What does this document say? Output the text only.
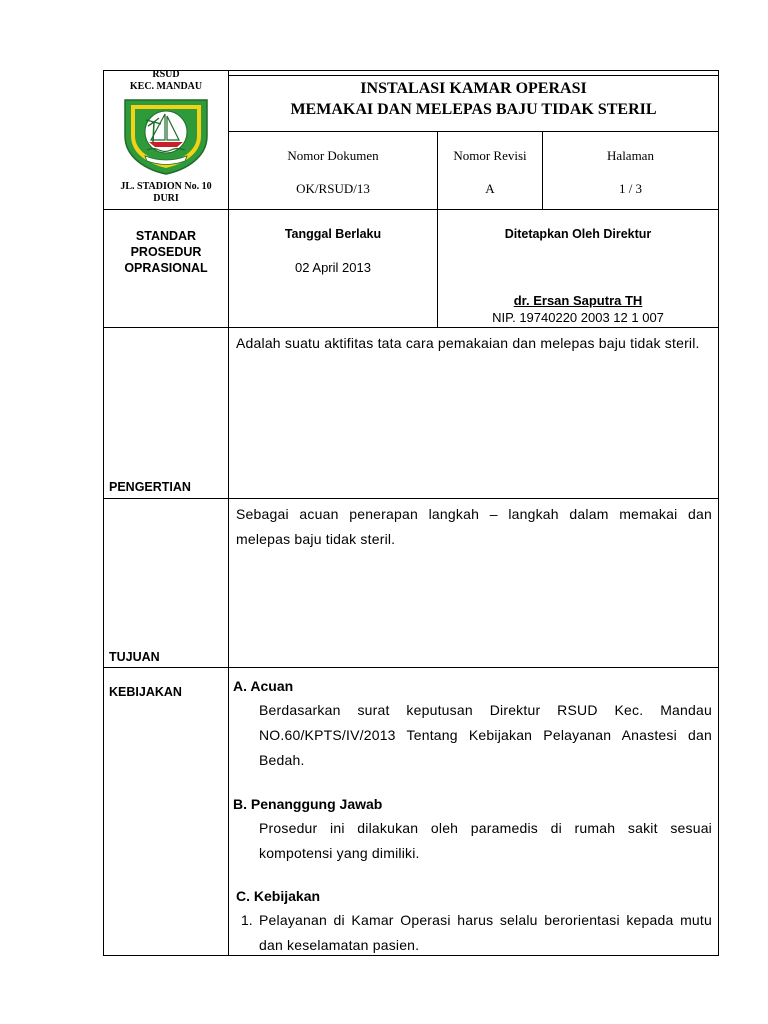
RSUD
KEC. MANDAU
JL. STADION No. 10
DURI
INSTALASI KAMAR OPERASI
MEMAKAI DAN MELEPAS BAJU TIDAK STERIL
Nomor Dokumen
OK/RSUD/13
Nomor Revisi
A
Halaman
1 / 3
STANDAR
PROSEDUR
OPRASIONAL
Tanggal Berlaku
02 April 2013
Ditetapkan Oleh Direktur
dr. Ersan Saputra TH
NIP. 19740220 2003 12 1 007
PENGERTIAN
Adalah suatu aktifitas tata cara pemakaian dan melepas baju tidak steril.
TUJUAN
Sebagai acuan penerapan langkah – langkah dalam memakai dan melepas baju tidak steril.
KEBIJAKAN	A. Acuan
Berdasarkan surat keputusan Direktur RSUD Kec. Mandau NO.60/KPTS/IV/2013 Tentang Kebijakan Pelayanan Anastesi dan Bedah.
B. Penanggung Jawab
Prosedur ini dilakukan oleh paramedis di rumah sakit sesuai kompotensi yang dimiliki.
C. Kebijakan
1. Pelayanan di Kamar Operasi harus selalu berorientasi kepada mutu dan keselamatan pasien.
